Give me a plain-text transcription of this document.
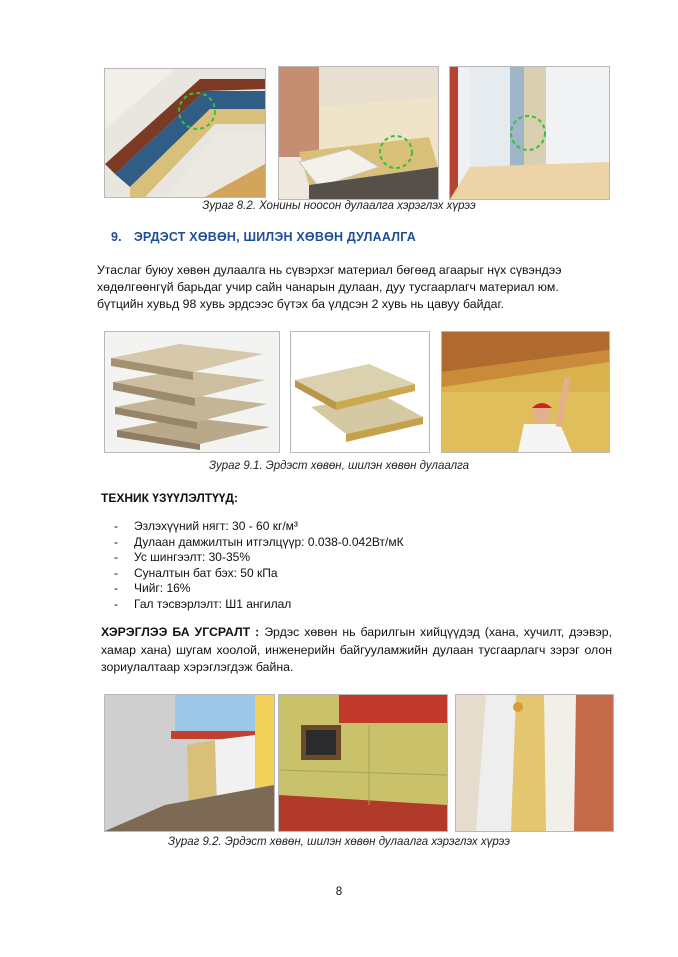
Зураг 8.2. Хонины ноосон дулаалга хэрэглэх хүрээ
9. ЭРДЭСТ ХӨВӨН, ШИЛЭН ХӨВӨН ДУЛААЛГА
Утаслаг буюу хөвөн дулаалга нь сүвэрхэг материал бөгөөд агаарыг нүх сүвэндээ
хөдөлгөөнгүй барьдаг учир сайн чанарын дулаан, дуу тусгаарлагч материал юм.
бүтцийн хувьд 98 хувь эрдсээс бүтэх ба үлдсэн 2 хувь нь цавуу байдаг.
Зураг 9.1. Эрдэст хөвөн, шилэн хөвөн дулаалга
ТЕХНИК ҮЗҮҮЛЭЛТҮҮД:
- Эзлэхүүний нягт: 30 - 60 кг/м³
- Дулаан дамжилтын итгэлцүүр: 0.038-0.042Вт/мК
- Ус шингээлт: 30-35%
- Суналтын бат бэх: 50 кПа
- Чийг: 16%
- Гал тэсвэрлэлт: Ш1 ангилал
ХЭРЭГЛЭЭ БА УГСРАЛТ : Эрдэс хөвөн нь барилгын хийцүүдэд (хана, хучилт, дээвэр, хамар хана) шугам хоолой, инженерийн байгууламжийн дулаан тусгаарлагч зэрэг олон зориулалтаар хэрэглэгдэж байна.
Зураг 9.2. Эрдэст хөвөн, шилэн хөвөн дулаалга хэрэглэх хүрээ
8
